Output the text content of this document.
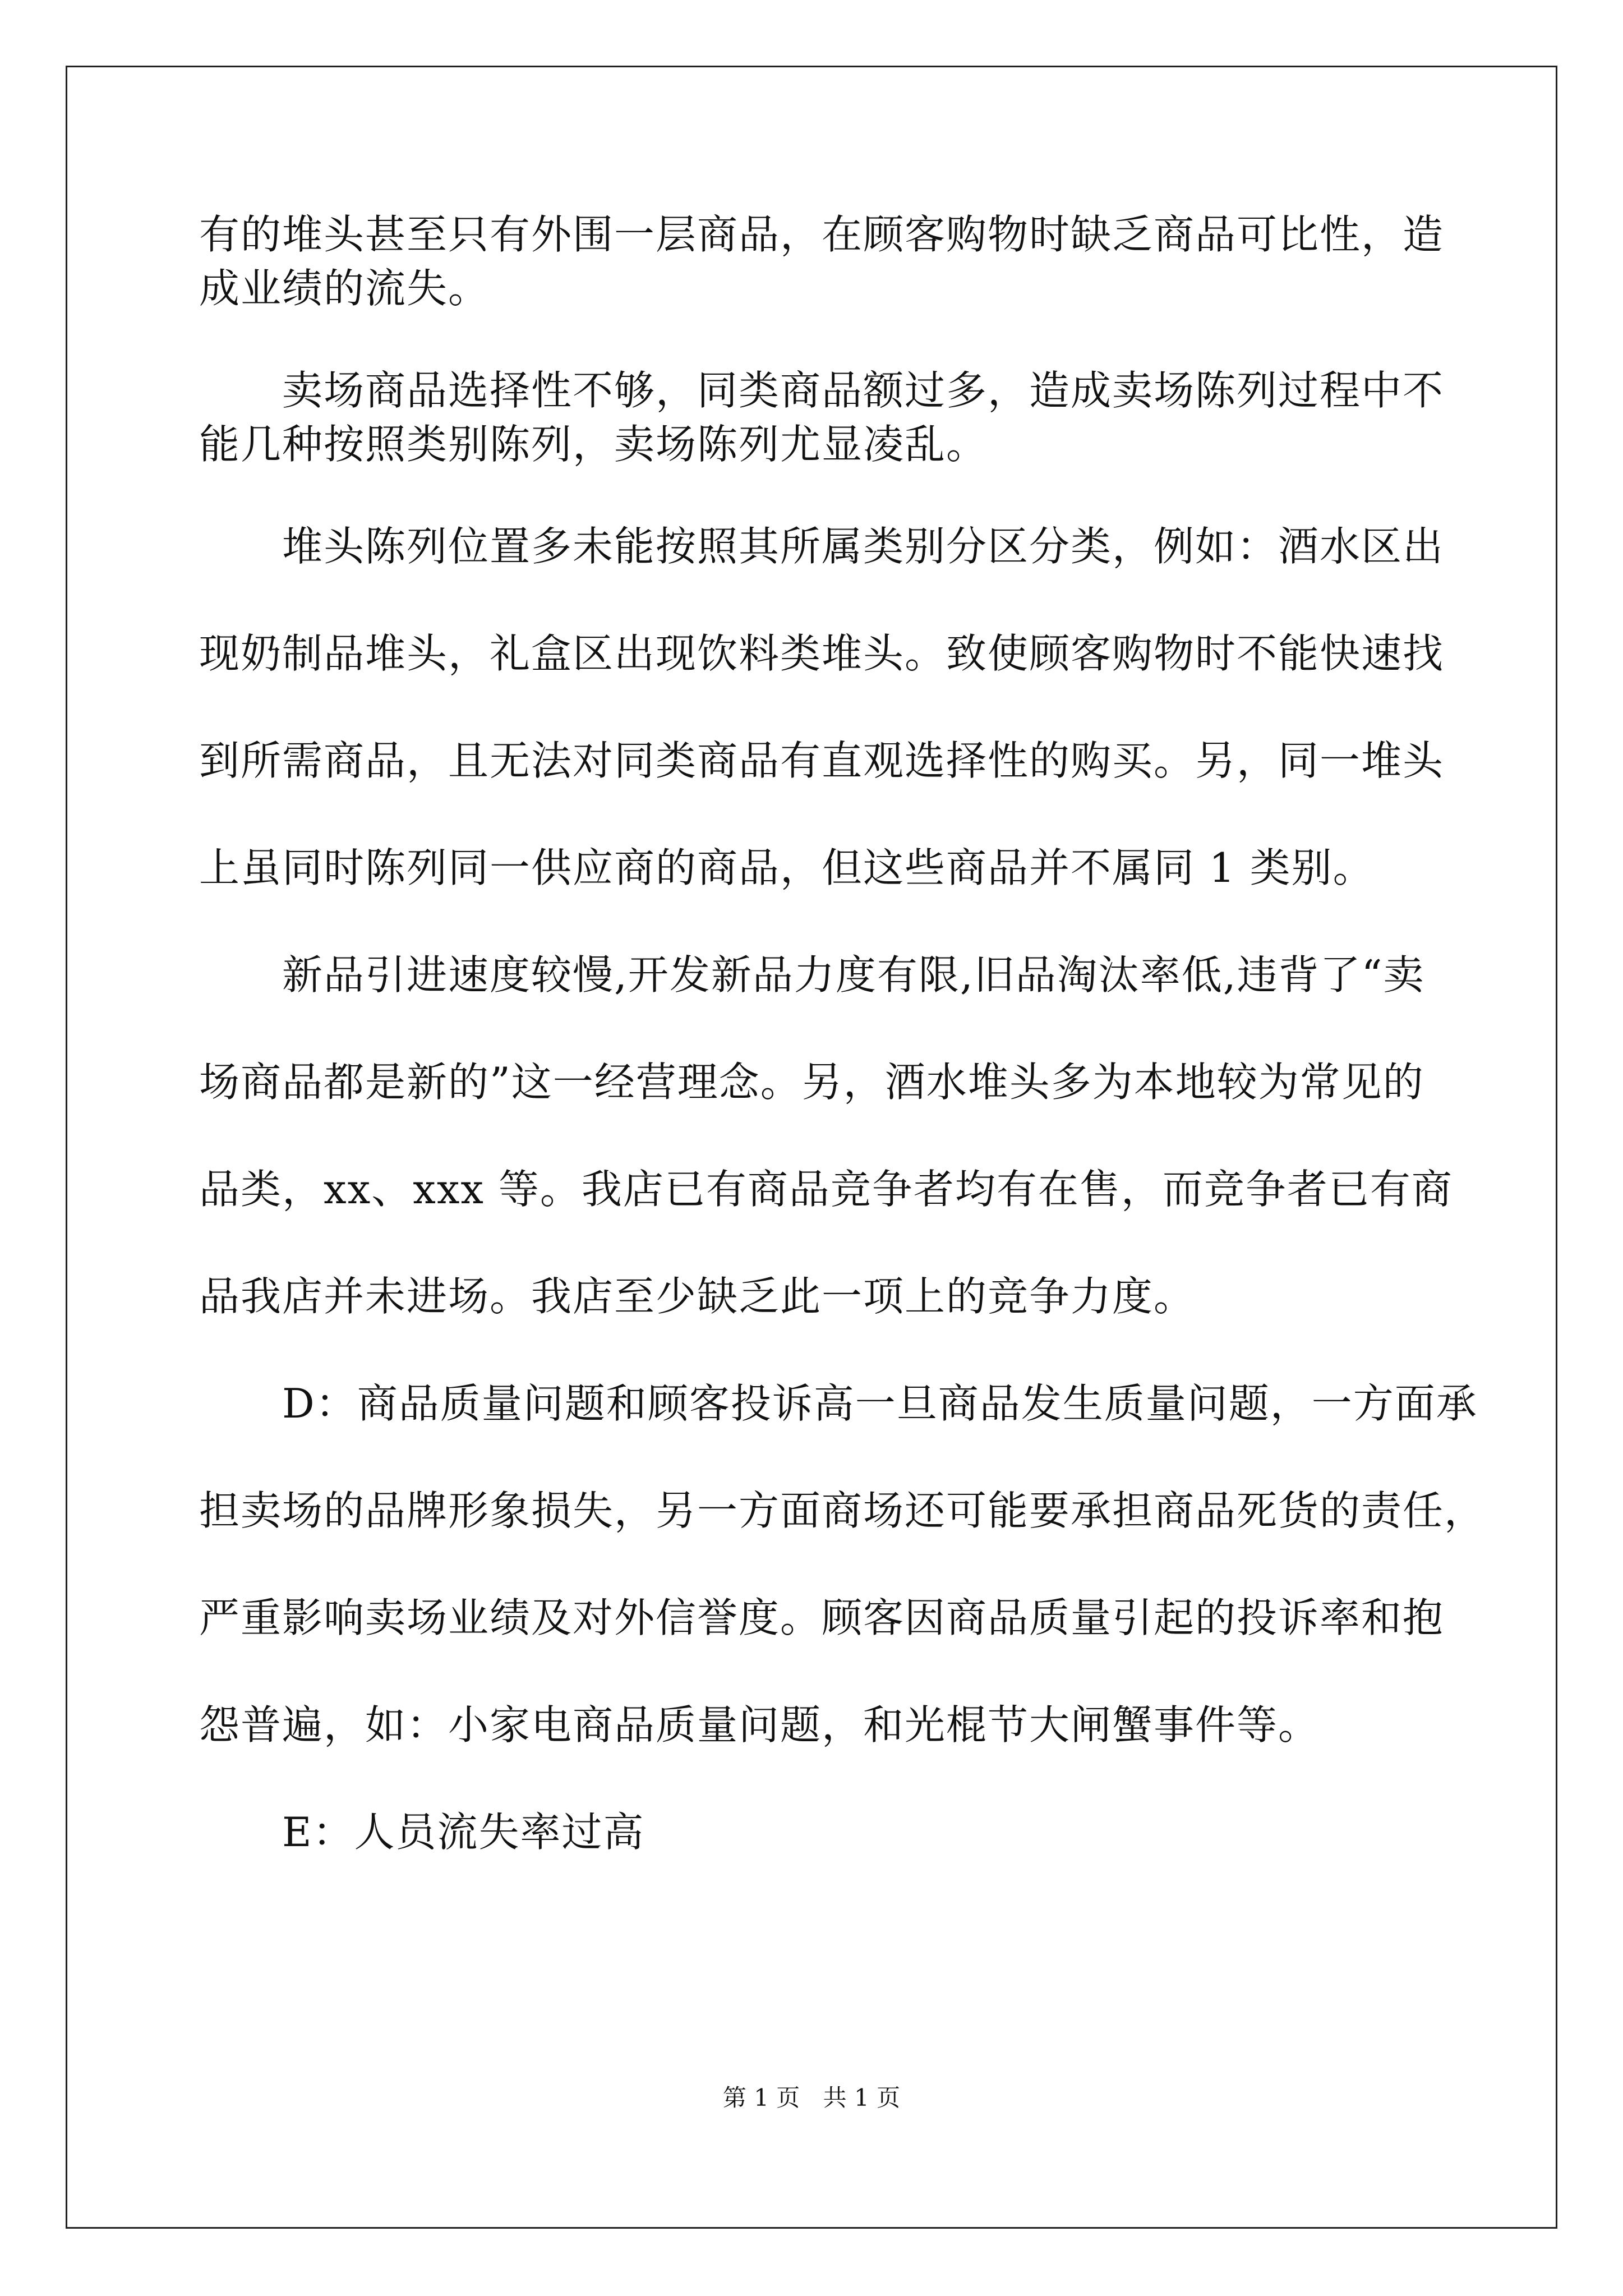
有的堆头甚至只有外围一层商品，在顾客购物时缺乏商品可比性，造
成业绩的流失。
　　卖场商品选择性不够，同类商品额过多，造成卖场陈列过程中不
能几种按照类别陈列，卖场陈列尤显凌乱。
　　堆头陈列位置多未能按照其所属类别分区分类，例如：酒水区出
现奶制品堆头，礼盒区出现饮料类堆头。致使顾客购物时不能快速找
到所需商品，且无法对同类商品有直观选择性的购买。另，同一堆头
上虽同时陈列同一供应商的商品，但这些商品并不属同 1 类别。
　　新品引进速度较慢,开发新品力度有限,旧品淘汰率低,违背了“卖
场商品都是新的”这一经营理念。另，酒水堆头多为本地较为常见的
品类，xx、xxx 等。我店已有商品竞争者均有在售，而竞争者已有商
品我店并未进场。我店至少缺乏此一项上的竞争力度。
　　D：商品质量问题和顾客投诉高一旦商品发生质量问题，一方面承
担卖场的品牌形象损失，另一方面商场还可能要承担商品死货的责任，
严重影响卖场业绩及对外信誉度。顾客因商品质量引起的投诉率和抱
怨普遍，如：小家电商品质量问题，和光棍节大闸蟹事件等。
　　E：人员流失率过高
第 1 页 共 1 页
